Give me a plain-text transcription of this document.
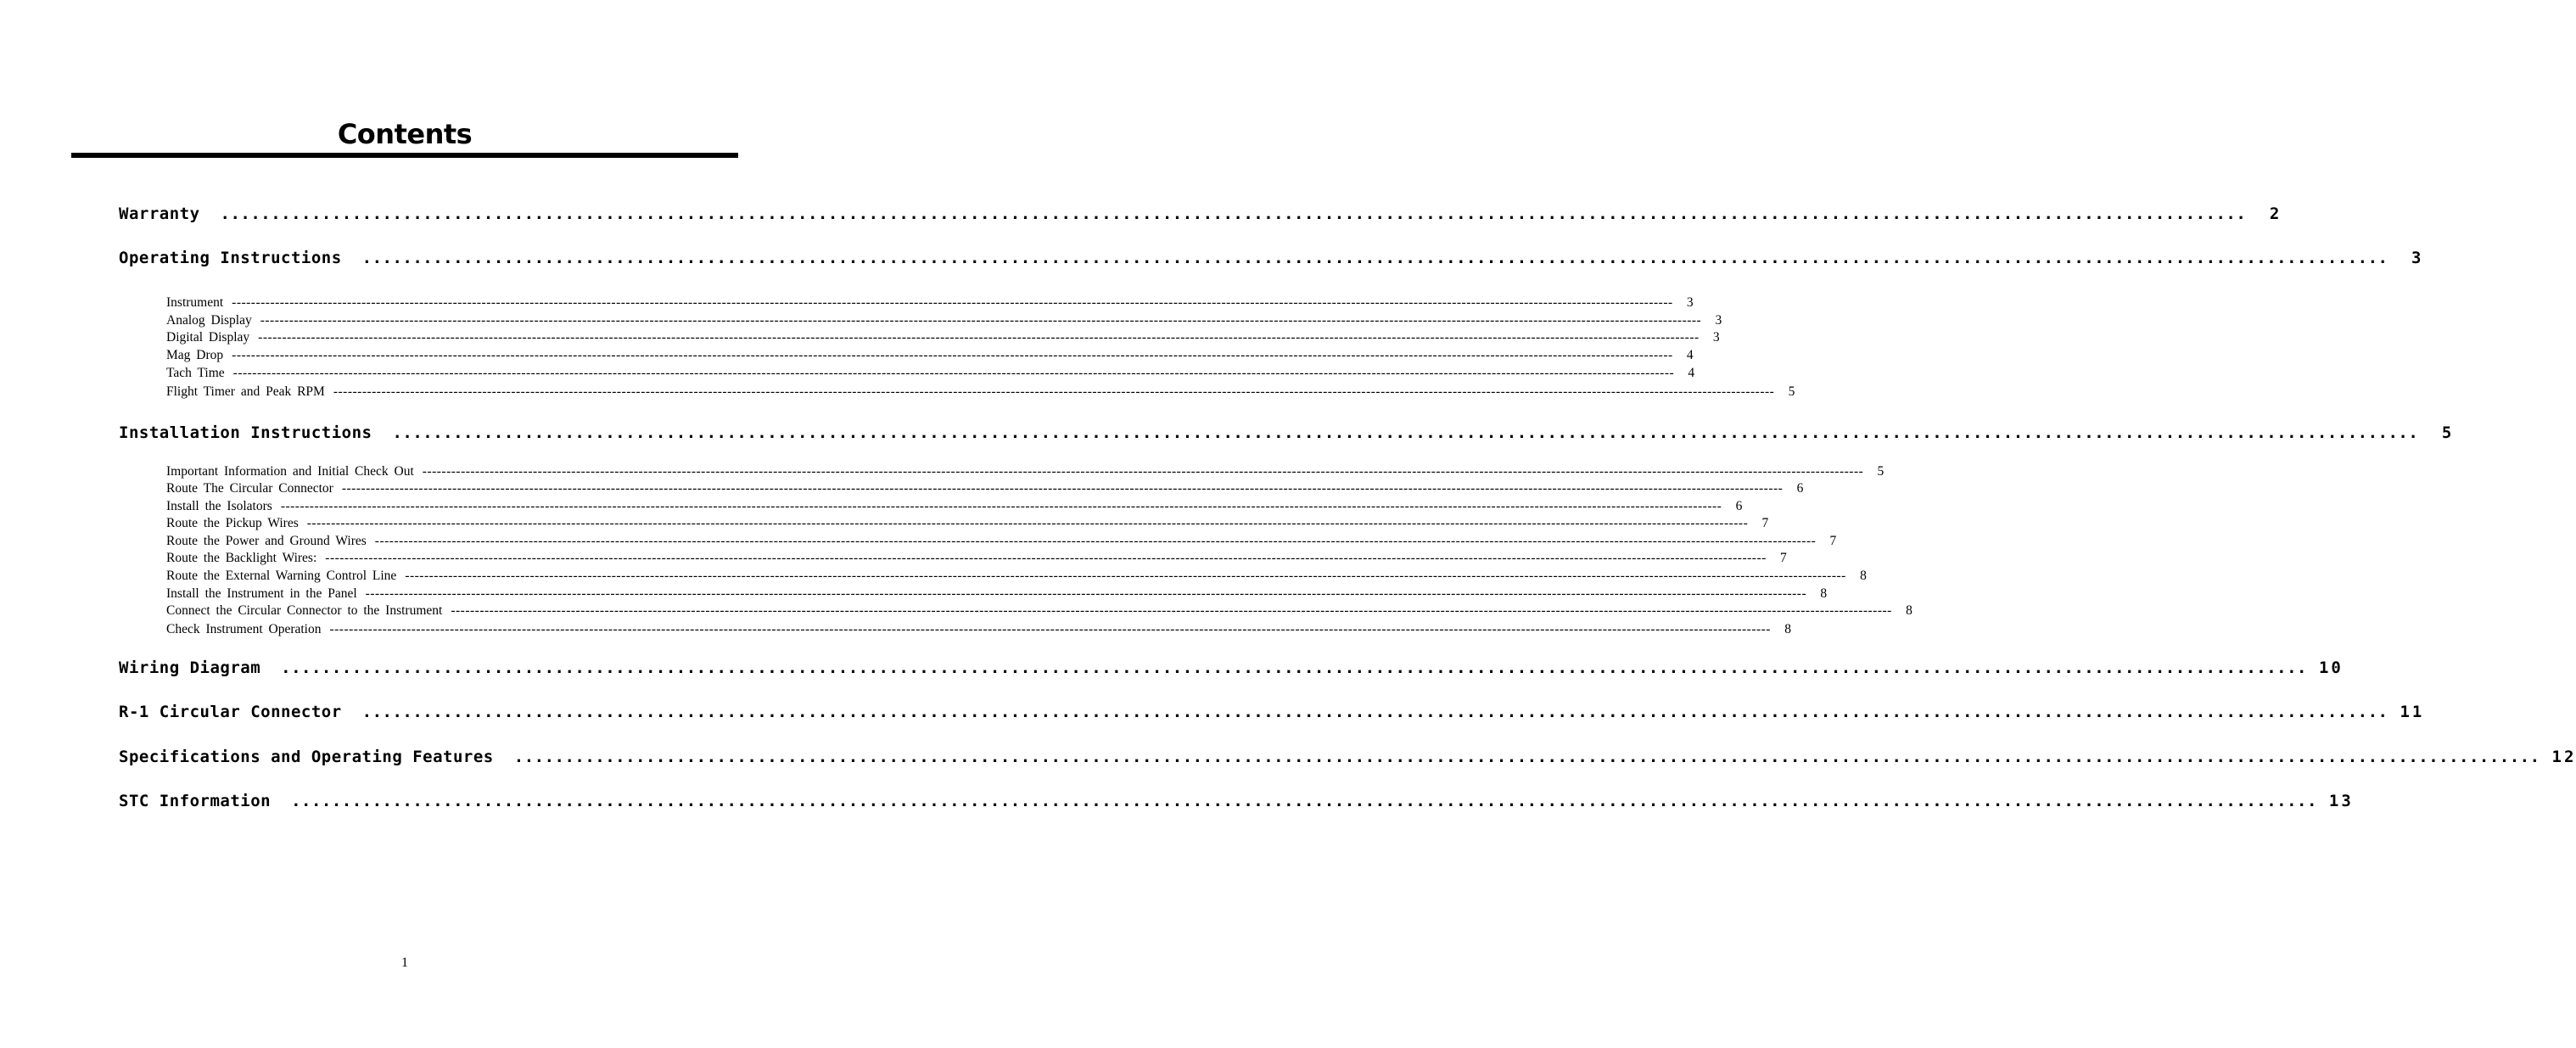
Contents
Warranty ........................................................................................................................................................................................................	2
Operating Instructions ........................................................................................................................................................................................................	3
Instrument ------------------------------------------------------------------------------------------------------------------------------------------------------------------------------------------------------------------------------------------------------------------------------------------------------------ 3
Analog Display ------------------------------------------------------------------------------------------------------------------------------------------------------------------------------------------------------------------------------------------------------------------------------------------------------------ 3
Digital Display ------------------------------------------------------------------------------------------------------------------------------------------------------------------------------------------------------------------------------------------------------------------------------------------------------------ 3
Mag Drop ------------------------------------------------------------------------------------------------------------------------------------------------------------------------------------------------------------------------------------------------------------------------------------------------------------ 4
Tach Time ------------------------------------------------------------------------------------------------------------------------------------------------------------------------------------------------------------------------------------------------------------------------------------------------------------ 4
Flight Timer and Peak RPM ------------------------------------------------------------------------------------------------------------------------------------------------------------------------------------------------------------------------------------------------------------------------------------------------------------ 5
Installation Instructions ........................................................................................................................................................................................................	5
Important Information and Initial Check Out ------------------------------------------------------------------------------------------------------------------------------------------------------------------------------------------------------------------------------------------------------------------------------------------------------------ 5
Route The Circular Connector ------------------------------------------------------------------------------------------------------------------------------------------------------------------------------------------------------------------------------------------------------------------------------------------------------------ 6
Install the Isolators ------------------------------------------------------------------------------------------------------------------------------------------------------------------------------------------------------------------------------------------------------------------------------------------------------------ 6
Route the Pickup Wires ------------------------------------------------------------------------------------------------------------------------------------------------------------------------------------------------------------------------------------------------------------------------------------------------------------ 7
Route the Power and Ground Wires ------------------------------------------------------------------------------------------------------------------------------------------------------------------------------------------------------------------------------------------------------------------------------------------------------------ 7
Route the Backlight Wires: ------------------------------------------------------------------------------------------------------------------------------------------------------------------------------------------------------------------------------------------------------------------------------------------------------------ 7
Route the External Warning Control Line ------------------------------------------------------------------------------------------------------------------------------------------------------------------------------------------------------------------------------------------------------------------------------------------------------------ 8
Install the Instrument in the Panel ------------------------------------------------------------------------------------------------------------------------------------------------------------------------------------------------------------------------------------------------------------------------------------------------------------ 8
Connect the Circular Connector to the Instrument ------------------------------------------------------------------------------------------------------------------------------------------------------------------------------------------------------------------------------------------------------------------------------------------------------------ 8
Check Instrument Operation ------------------------------------------------------------------------------------------------------------------------------------------------------------------------------------------------------------------------------------------------------------------------------------------------------------ 8
Wiring Diagram ........................................................................................................................................................................................................ 10
R-1 Circular Connector ........................................................................................................................................................................................................ 11
Specifications and Operating Features ........................................................................................................................................................................................................ 12
STC Information ........................................................................................................................................................................................................ 13
1
